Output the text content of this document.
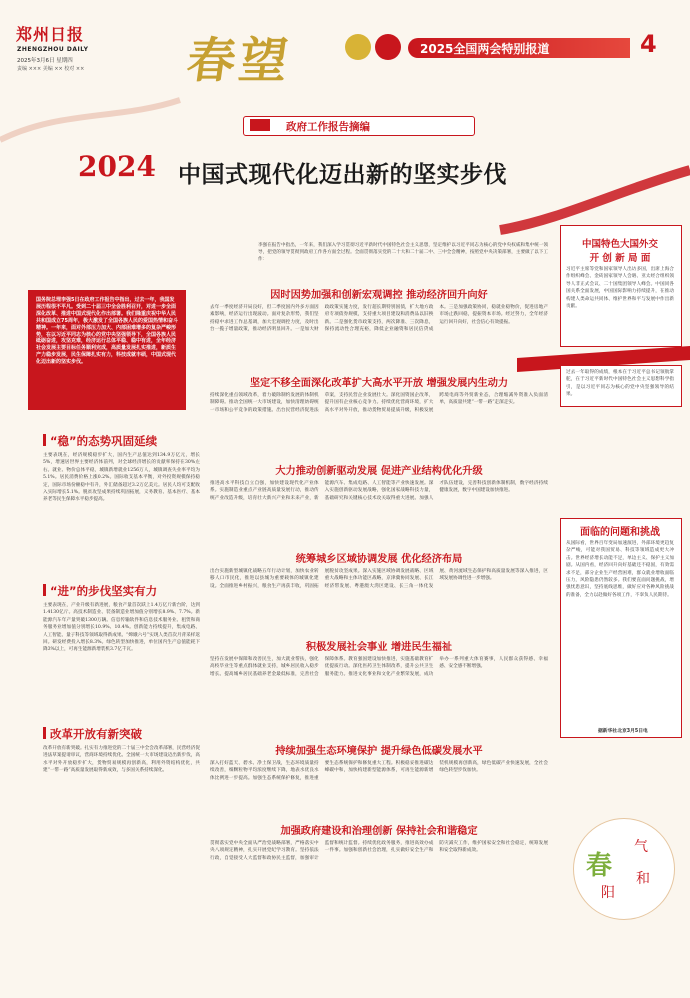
郑州日报
ZHENGZHOU DAILY
2025年3月6日 星期四
责编 ××× 美编 ×× 校对 ×× 春望	2025全国两会特别报道	4
政府工作报告摘编
2024 中国式现代化迈出新的坚实步伐
李强在报告中指出，一年来，我们深入学习贯彻习近平新时代中国特色社会主义思想，坚定维护以习近平同志为核心的党中央权威和集中统一领导，把党的领导贯彻到政府工作各方面全过程。全面贯彻落实党的二十大和二十届二中、三中全会精神，按照党中央决策部署，主要做了以下工作：
国务院总理李强5日在政府工作报告中指出，过去一年，我国发展历程很不平凡。受到二十届三中全会胜利召开，对进一步全面深化改革、推进中国式现代化作出部署。我们隆重庆祝中华人民共和国成立75周年，极大激发了全国各族人民的爱国热情和奋斗精神。一年来，面对外部压力加大、内部困难增多的复杂严峻形势，在以习近平同志为核心的党中央坚强领导下，全国各族人民砥砺奋进，攻坚克难，经济运行总体平稳、稳中有进，全年经济社会发展主要目标任务顺利完成，高质量发展扎实推进，新质生产力稳步发展，民生保障扎实有力，科技成就丰硕，中国式现代化迈出新的坚实步伐。
“稳”的态势巩固延续
主要表现在，经济规模稳步扩大，国内生产总值达到134.9万亿元，增长5%，增速居世界主要经济体前列，对全球经济增长的贡献率保持在30%左右。就业、物价总体平稳，城镇新增就业1256万人，城镇调查失业率平均为5.1%。居民消费价格上涨0.2%。国际收支基本平衡，对外投资规模保持稳定，国际市场份额稳中有升，外汇储备超过3.2万亿美元。居民人均可支配收入实际增长5.1%。脱贫攻坚成果持续巩固拓展，义务教育、基本医疗、基本养老等民生保障水平稳步提高。
“进”的步伐坚实有力
主要表现在，产业升级有新进展，粮食产量首次跃上1.4万亿斤新台阶，达到1.4130亿斤。高技术制造业、装备制造业增加值分别增长8.9%、7.7%。新能源汽车年产量突破1300万辆。信息传输软件和信息技术服务业、租赁和商务服务业增加值分别增长10.9%、10.4%。创新能力持续提升，集成电路、人工智能、量子科技等领域取得新成果。“嫦娥六号”实现人类首次月背采样返回。研发经费投入增长8.3%。绿色转型加快推进，单位国内生产总值能耗下降3%以上，可再生能源新增装机3.7亿千瓦。
改革开放有新突破
改革开放有新突破。扎实有力推进党的二十届三中全会改革部署，民营经济促进法草案提请审议，营商环境持续优化。全国统一大市场建设迈出新步伐，高水平对外开放稳步扩大，货物贸易规模再创新高，利用外资结构优化，共建“一带一路”高质量发展取得新成效，与多国关系持续深化。
因时因势加强和创新宏观调控 推动经济回升向好
去年一季度经济开局良好，但二季度国内外多方面因素影响，经济运行出现波动。面对复杂形势，我们坚持稳中求进工作总基调，加大宏观调控力度，及时出台一揽子增量政策，推动经济明显回升。一是加大财政政策实施力度，发行超长期特别国债，扩大地方政府专项债券规模，支持重大项目建设和消费品以旧换新。二是强化货币政策支持，两次降准、三次降息，保持流动性合理充裕，降低企业融资和居民信贷成本。三是加强政策协同，稳就业稳物价，促进房地产市场止跌回稳，提振资本市场。经过努力，全年经济运行回升向好，社会信心有效提振。
坚定不移全面深化改革扩大高水平开放 增强发展内生动力
持续深化重点领域改革，着力破除制约发展的体制机制障碍。推动全国统一大市场建设，加快清理妨碍统一市场和公平竞争的政策措施。出台民营经济促进法草案，支持民营企业发展壮大。深化国资国企改革，提升国有企业核心竞争力。持续优化营商环境，扩大高水平对外开放，推动货物贸易提质升级，积极发展跨境电商等外贸新业态，合理缩减外资准入负面清单，高质量共建“一带一路”走深走实。
大力推动创新驱动发展 促进产业结构优化升级
推进高水平科技自立自强，加快建设现代化产业体系。实施制造业重点产业链高质量发展行动，推动传统产业改造升级，培育壮大新兴产业和未来产业，新能源汽车、集成电路、人工智能等产业快速发展。深入实施创新驱动发展战略，强化国家战略科技力量，基础研究和关键核心技术攻关取得重大进展。加强人才队伍建设，完善科技创新体制机制，数字经济持续健康发展，数字中国建设加快推进。
统筹城乡区域协调发展 优化经济布局
出台实施新型城镇化战略五年行动计划，加快农业转移人口市民化，推进以县城为重要载体的城镇化建设。全面推进乡村振兴，粮食生产再获丰收，巩固拓展脱贫攻坚成果。深入实施区域协调发展战略、区域重大战略和主体功能区战略，京津冀协同发展、长江经济带发展、粤港澳大湾区建设、长三角一体化发展、黄河流域生态保护和高质量发展等深入推进，区域发展协调性进一步增强。
积极发展社会事业 增进民生福祉
坚持在发展中保障和改善民生，加大就业帮扶，强化高校毕业生等重点群体就业支持，城乡居民收入稳步增长。提高城乡居民基础养老金最低标准，完善社会保障体系。教育强国建设加快推进，实施基础教育扩优提质行动。深化医药卫生体制改革，提升公共卫生服务能力。推进文化事业和文化产业繁荣发展，成功举办一系列重大体育赛事，人民群众获得感、幸福感、安全感不断增强。
持续加强生态环境保护 提升绿色低碳发展水平
深入打好蓝天、碧水、净土保卫战，生态环境质量持续改善，细颗粒物平均浓度继续下降，地表水优良水体比例进一步提高。加强生态系统保护修复，推进重要生态系统保护和修复重大工程。积极稳妥推进碳达峰碳中和，加快构建新型能源体系，可再生能源新增装机规模再创新高，绿色低碳产业快速发展，全社会绿色转型步伐加快。
加强政府建设和治理创新 保持社会和谐稳定
贯彻落实党中央全面从严治党战略部署，严格落实中央八项规定精神，扎实开展党纪学习教育。坚持依法行政，自觉接受人大监督和政协民主监督，加强审计监督和统计监督。持续优化政务服务，推进高效办成一件事。加强和创新社会治理，扎实做好安全生产和防灾减灾工作，维护国家安全和社会稳定，统筹发展和安全取得新成效。
中国特色大国外交
开 创 新 局 面
习近平主席等党和国家领导人出访多国，出席上海合作组织峰会、金砖国家领导人会晤、亚太经合组织领导人非正式会议、二十国集团领导人峰会。中国同各国关系全面发展，中国国际影响力持续提升，在推动构建人类命运共同体、维护世界和平与发展中作出新贡献。
过去一年取得的成绩，根本在于习近平总书记领航掌舵，在于习近平新时代中国特色社会主义思想科学指引，是以习近平同志为核心的党中央坚强领导的结果。
面临的问题和挑战
从国际看，世界百年变局加速演进，外部环境更趋复杂严峻，可能对我国贸易、科技等领域造成更大冲击。世界经济增长动能不足，单边主义、保护主义加剧。从国内看，经济回升向好基础还不稳固，有效需求不足，部分企业生产经营困难，群众就业增收面临压力，风险隐患仍然较多。我们要直面问题挑战，增强忧患意识，坚持底线思维，做好应对各种风险挑战的准备，全力以赴做好各项工作，不辜负人民期待。
据新华社北京3月5日电
春
气
阳
和
